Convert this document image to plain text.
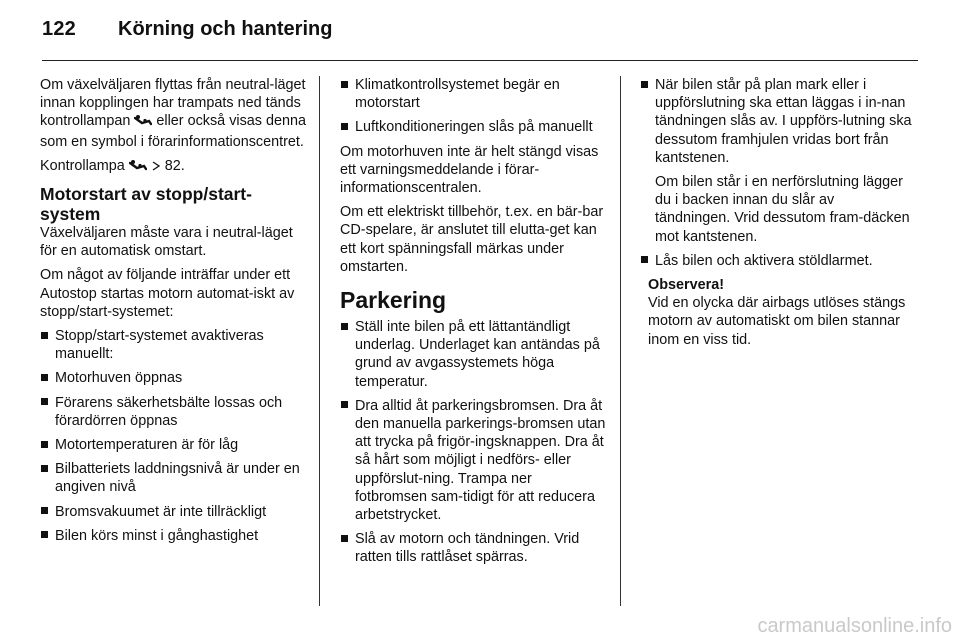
122 Körning och hantering

Om växelväljaren flyttas från neutral-läget innan kopplingen har trampats ned tänds kontrollampan eller också visas denna som en symbol i förarinformationscentret.

Kontrollampa	82.

Motorstart av stopp/start-system

Växelväljaren måste vara i neutral-läget för en automatisk omstart.

Om något av följande inträffar under ett Autostop startas motorn automat-iskt av stopp/start-systemet:

Stopp/start-systemet avaktiveras manuellt:
Motorhuven öppnas
Förarens säkerhetsbälte lossas och förardörren öppnas
Motortemperaturen är för låg
Bilbatteriets laddningsnivå är under en angiven nivå
Bromsvakuumet är inte tillräckligt
Bilen körs minst i gånghastighet
Klimatkontrollsystemet begär en motorstart
Luftkonditioneringen slås på manuellt

Om motorhuven inte är helt stängd visas ett varningsmeddelande i förar-informationscentralen.

Om ett elektriskt tillbehör, t.ex. en bär-bar CD-spelare, är anslutet till elutta-get kan ett kort spänningsfall märkas under omstarten.

Parkering
Ställ inte bilen på ett lättantändligt underlag. Underlaget kan antändas på grund av avgassystemets höga temperatur.
Dra alltid åt parkeringsbromsen. Dra åt den manuella parkerings-bromsen utan att trycka på frigör-ingsknappen. Dra åt så hårt som möjligt i nedförs- eller uppförslut-ning. Trampa ner fotbromsen sam-tidigt för att reducera arbetstrycket.
Slå av motorn och tändningen. Vrid ratten tills rattlåset spärras.
När bilen står på plan mark eller i uppförslutning ska ettan läggas i in-nan tändningen slås av. I uppförs-lutning ska dessutom framhjulen vridas bort från kantstenen.

Om bilen står i en nerförslutning lägger du i backen innan du slår av tändningen. Vrid dessutom fram-däcken mot kantstenen.

Lås bilen och aktivera stöldlarmet.
Observera!
Vid en olycka där airbags utlöses stängs motorn av automatiskt om bilen stannar inom en viss tid.
carmanualsonline.info
